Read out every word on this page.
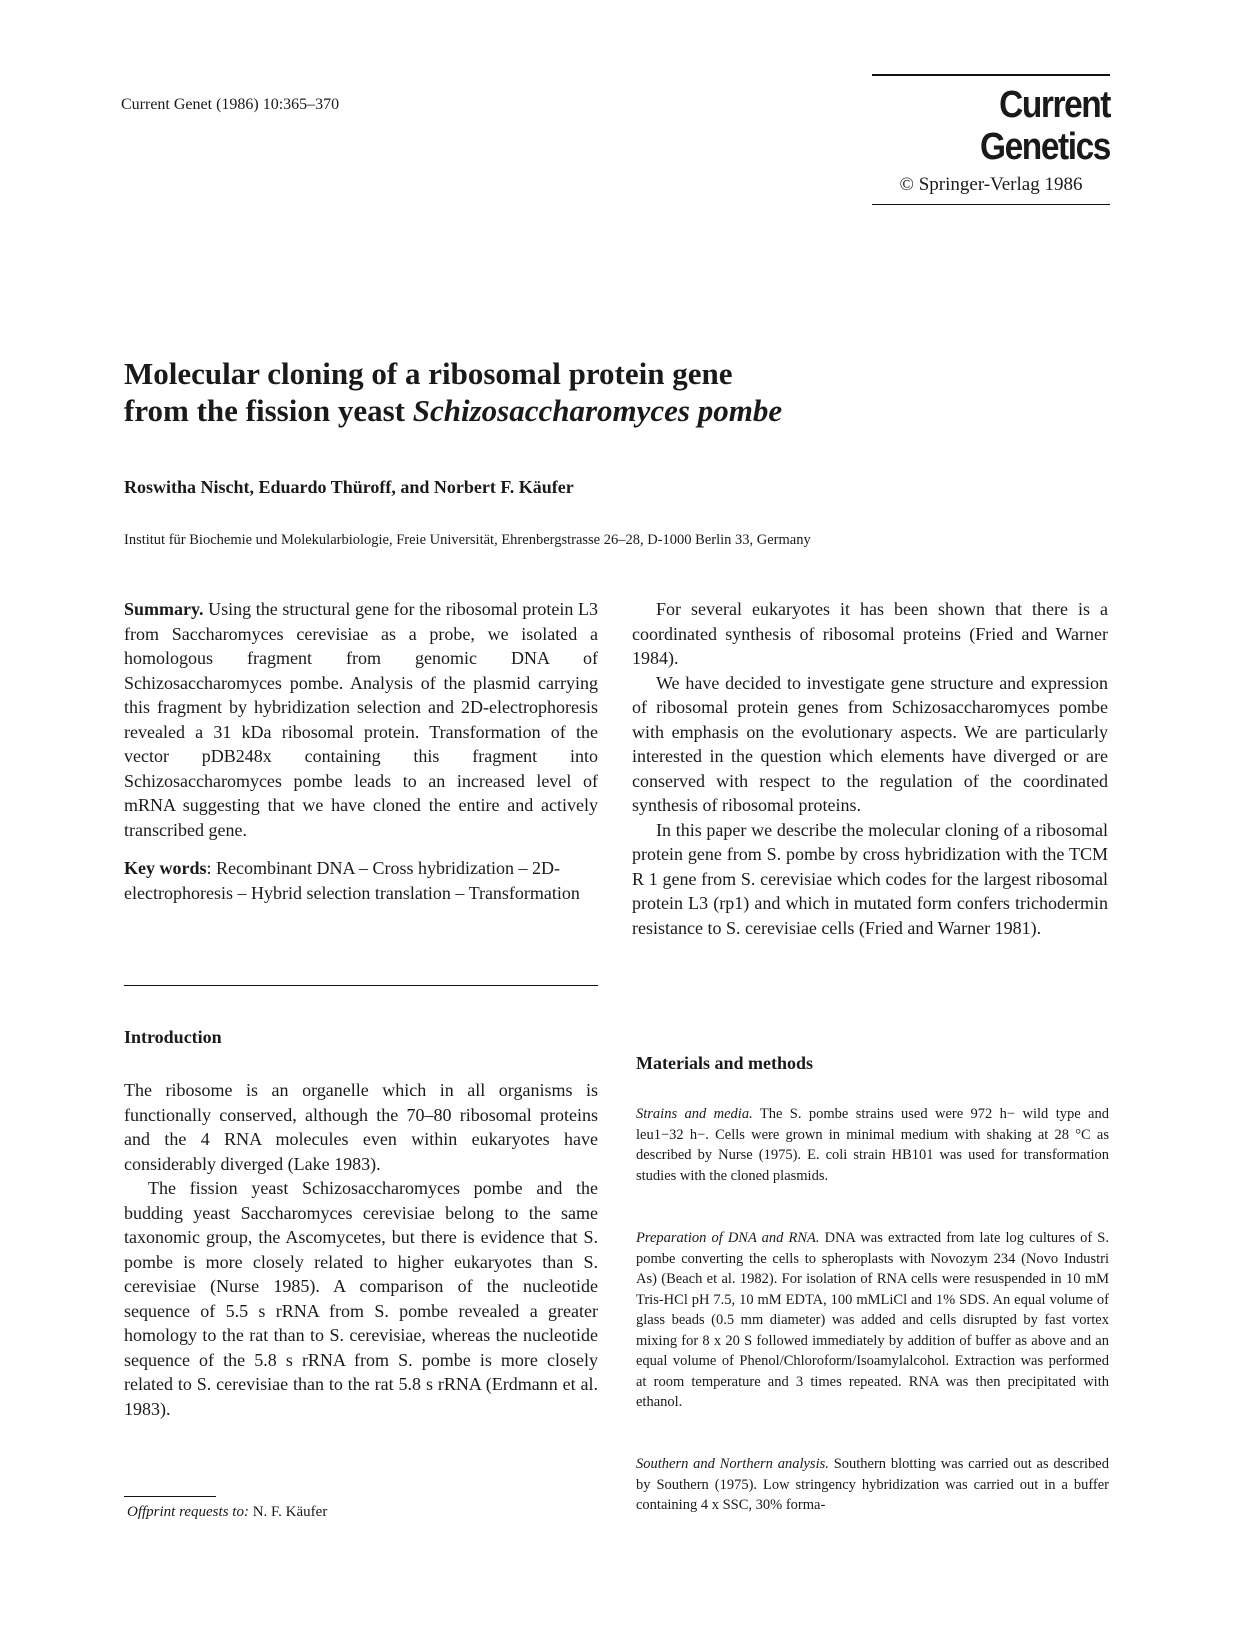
Current Genet (1986) 10:365–370	Current Genetics
© Springer-Verlag 1986
Molecular cloning of a ribosomal protein gene
from the fission yeast Schizosaccharomyces pombe
Roswitha Nischt, Eduardo Thüroff, and Norbert F. Käufer
Institut für Biochemie und Molekularbiologie, Freie Universität, Ehrenbergstrasse 26–28, D-1000 Berlin 33, Germany

Summary. Using the structural gene for the ribosomal protein L3 from Saccharomyces cerevisiae as a probe, we isolated a homologous fragment from genomic DNA of Schizosaccharomyces pombe. Analysis of the plasmid carrying this fragment by hybridization selection and 2D-electrophoresis revealed a 31 kDa ribosomal protein. Transformation of the vector pDB248x containing this fragment into Schizosaccharomyces pombe leads to an increased level of mRNA suggesting that we have cloned the entire and actively transcribed gene.

Key words: Recombinant DNA – Cross hybridization – 2D-electrophoresis – Hybrid selection translation – Transformation

Introduction

The ribosome is an organelle which in all organisms is functionally conserved, although the 70–80 ribosomal proteins and the 4 RNA molecules even within eukaryotes have considerably diverged (Lake 1983).

The fission yeast Schizosaccharomyces pombe and the budding yeast Saccharomyces cerevisiae belong to the same taxonomic group, the Ascomycetes, but there is evidence that S. pombe is more closely related to higher eukaryotes than S. cerevisiae (Nurse 1985). A comparison of the nucleotide sequence of 5.5 s rRNA from S. pombe revealed a greater homology to the rat than to S. cerevisiae, whereas the nucleotide sequence of the 5.8 s rRNA from S. pombe is more closely related to S. cerevisiae than to the rat 5.8 s rRNA (Erdmann et al. 1983).

For several eukaryotes it has been shown that there is a coordinated synthesis of ribosomal proteins (Fried and Warner 1984).

We have decided to investigate gene structure and expression of ribosomal protein genes from Schizosaccharomyces pombe with emphasis on the evolutionary aspects. We are particularly interested in the question which elements have diverged or are conserved with respect to the regulation of the coordinated synthesis of ribosomal proteins.

In this paper we describe the molecular cloning of a ribosomal protein gene from S. pombe by cross hybridization with the TCM R 1 gene from S. cerevisiae which codes for the largest ribosomal protein L3 (rp1) and which in mutated form confers trichodermin resistance to S. cerevisiae cells (Fried and Warner 1981).

Materials and methods
Strains and media. The S. pombe strains used were 972 h− wild type and leu1−32 h−. Cells were grown in minimal medium with shaking at 28 °C as described by Nurse (1975). E. coli strain HB101 was used for transformation studies with the cloned plasmids.
Preparation of DNA and RNA. DNA was extracted from late log cultures of S. pombe converting the cells to spheroplasts with Novozym 234 (Novo Industri As) (Beach et al. 1982). For isolation of RNA cells were resuspended in 10 mM Tris-HCl pH 7.5, 10 mM EDTA, 100 mMLiCl and 1% SDS. An equal volume of glass beads (0.5 mm diameter) was added and cells disrupted by fast vortex mixing for 8 x 20 S followed immediately by addition of buffer as above and an equal volume of Phenol/Chloroform/Isoamylalcohol. Extraction was performed at room temperature and 3 times repeated. RNA was then precipitated with ethanol.
Southern and Northern analysis. Southern blotting was carried out as described by Southern (1975). Low stringency hybridization was carried out in a buffer containing 4 x SSC, 30% forma-
Offprint requests to: N. F. Käufer
